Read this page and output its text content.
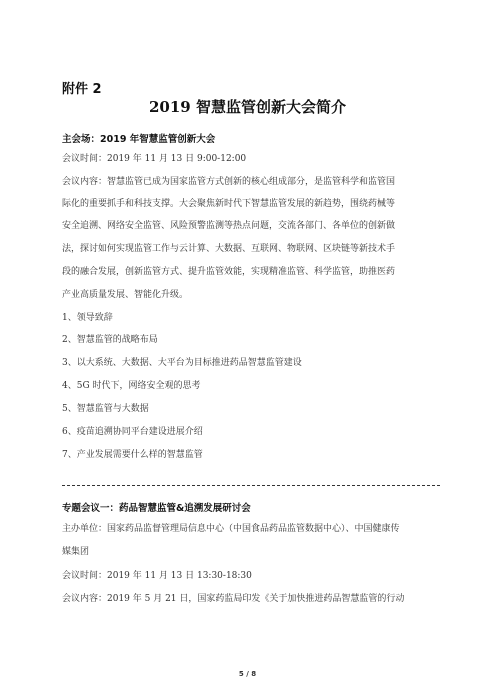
附件 2
2019 智慧监管创新大会简介
主会场：2019 年智慧监管创新大会
会议时间：2019 年 11 月 13 日 9:00-12:00
会议内容：智慧监管已成为国家监管方式创新的核心组成部分，是监管科学和监管国
际化的重要抓手和科技支撑。大会聚焦新时代下智慧监管发展的新趋势，围绕药械等
安全追溯、网络安全监管、风险预警监测等热点问题，交流各部门、各单位的创新做
法，探讨如何实现监管工作与云计算、大数据、互联网、物联网、区块链等新技术手
段的融合发展，创新监管方式、提升监管效能，实现精准监管、科学监管，助推医药
产业高质量发展、智能化升级。
1、领导致辞
2、智慧监管的战略布局
3、以大系统、大数据、大平台为目标推进药品智慧监管建设
4、5G 时代下，网络安全观的思考
5、智慧监管与大数据
6、疫苗追溯协同平台建设进展介绍
7、产业发展需要什么样的智慧监管
专题会议一：药品智慧监管&追溯发展研讨会
主办单位：国家药品监督管理局信息中心（中国食品药品监管数据中心）、中国健康传
媒集团
会议时间：2019 年 11 月 13 日 13:30-18:30
会议内容：2019 年 5 月 21 日，国家药监局印发《关于加快推进药品智慧监管的行动
5 / 8
